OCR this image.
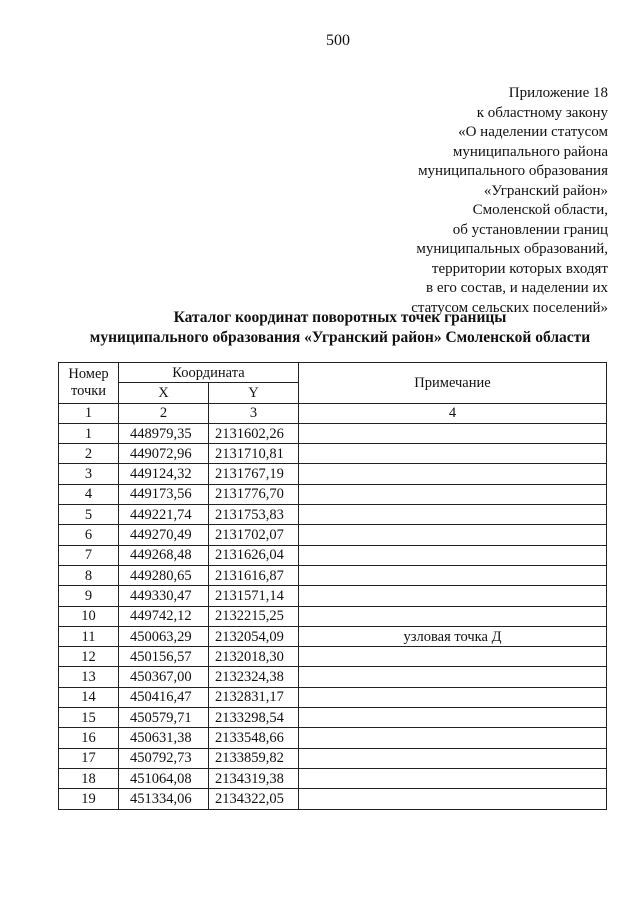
500
Приложение 18
к областному закону
«О наделении статусом
муниципального района
муниципального образования
«Угранский район»
Смоленской области,
об установлении границ
муниципальных образований,
территории которых входят
в его состав, и наделении их
статусом сельских поселений»
Каталог координат поворотных точек границы
муниципального образования «Угранский район» Смоленской области
Номер точки	Координата		Примечание
	X	Y	
1	2	3	4
1	448979,35	2131602,26	
2	449072,96	2131710,81	
3	449124,32	2131767,19	
4	449173,56	2131776,70	
5	449221,74	2131753,83	
6	449270,49	2131702,07	
7	449268,48	2131626,04	
8	449280,65	2131616,87	
9	449330,47	2131571,14	
10	449742,12	2132215,25	
11	450063,29	2132054,09	узловая точка Д
12	450156,57	2132018,30	
13	450367,00	2132324,38	
14	450416,47	2132831,17	
15	450579,71	2133298,54	
16	450631,38	2133548,66	
17	450792,73	2133859,82	
18	451064,08	2134319,38	
19	451334,06	2134322,05	
